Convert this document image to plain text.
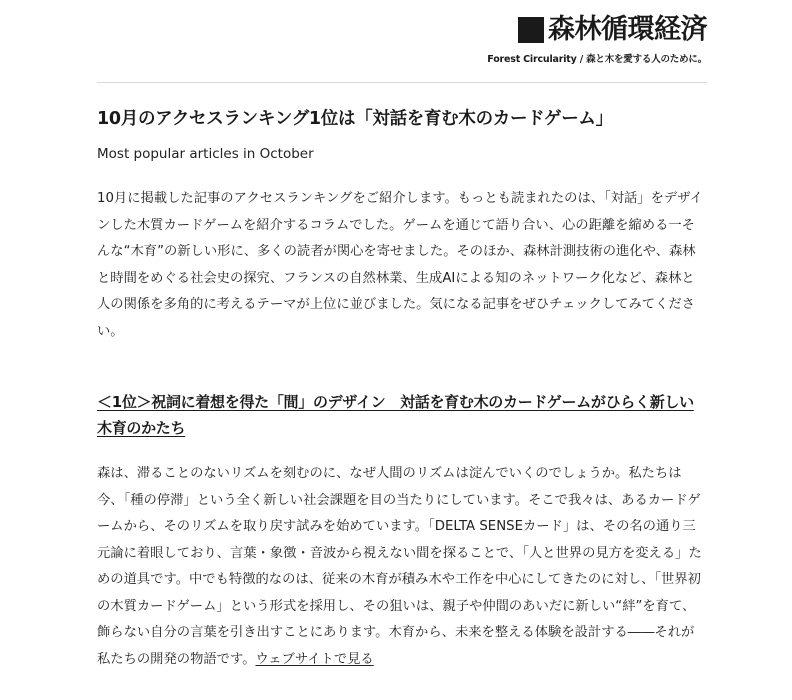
森林循環経済
Forest Circularity / 森と木を愛する人のために。
10月のアクセスランキング1位は「対話を育む木のカードゲーム」
Most popular articles in October
10月に掲載した記事のアクセスランキングをご紹介します。もっとも読まれたのは、「対話」をデザインした木質カードゲームを紹介するコラムでした。ゲームを通じて語り合い、心の距離を縮める一そんな“木育”の新しい形に、多くの読者が関心を寄せました。そのほか、森林計測技術の進化や、森林と時間をめぐる社会史の探究、フランスの自然林業、生成AIによる知のネットワーク化など、森林と人の関係を多角的に考えるテーマが上位に並びました。気になる記事をぜひチェックしてみてください。
＜1位＞祝詞に着想を得た「間」のデザイン　対話を育む木のカードゲームがひらく新しい木育のかたち
森は、滞ることのないリズムを刻むのに、なぜ人間のリズムは淀んでいくのでしょうか。私たちは今、「種の停滞」という全く新しい社会課題を目の当たりにしています。そこで我々は、あるカードゲームから、そのリズムを取り戻す試みを始めています。「DELTA SENSEカード」は、その名の通り三元論に着眼しており、言葉・象徴・音波から視えない間を探ることで、「人と世界の見方を変える」ための道具です。中でも特徴的なのは、従来の木育が積み木や工作を中心にしてきたのに対し、「世界初の木質カードゲーム」という形式を採用し、その狙いは、親子や仲間のあいだに新しい“絆”を育て、飾らない自分の言葉を引き出すことにあります。木育から、未来を整える体験を設計する――それが私たちの開発の物語です。ウェブサイトで見る
